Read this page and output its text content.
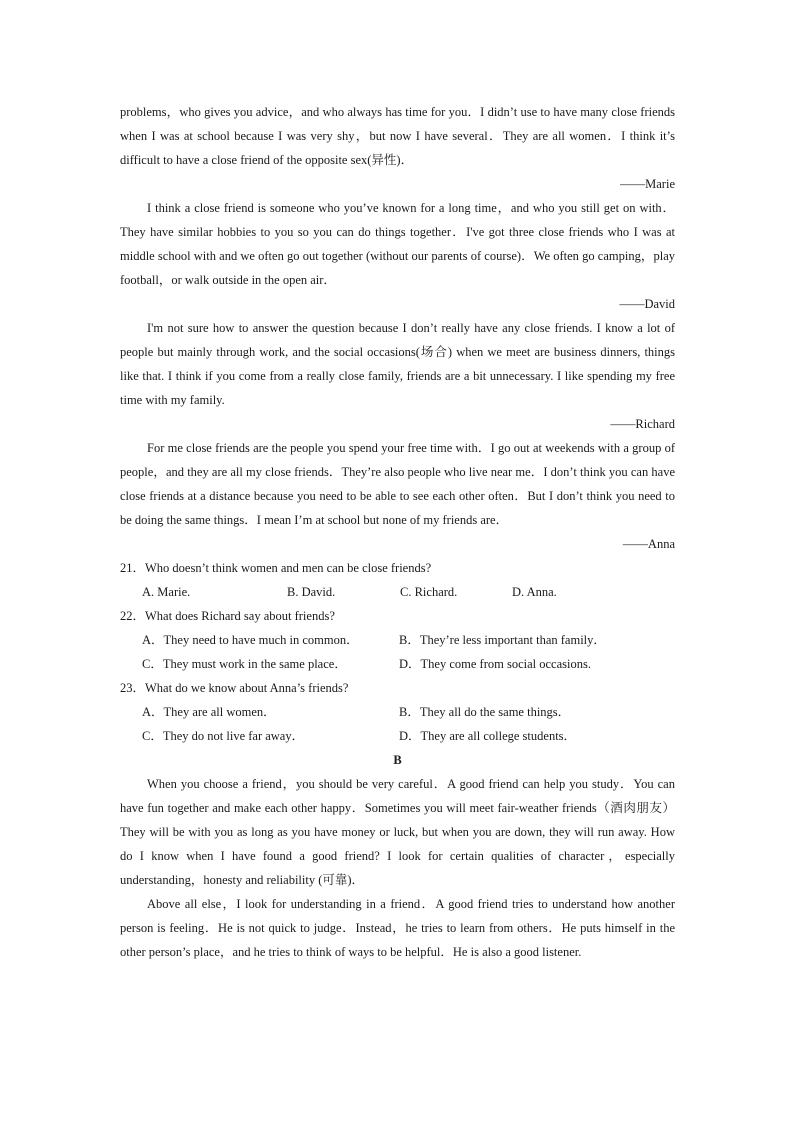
problems，who gives you advice，and who always has time for you．I didn’t use to have many close friends when I was at school because I was very shy，but now I have several．They are all women．I think it’s difficult to have a close friend of the opposite sex(异性)．

——Marie

I think a close friend is someone who you’ve known for a long time，and who you still get on with．They have similar hobbies to you so you can do things together．I've got three close friends who I was at middle school with and we often go out together (without our parents of course)．We often go camping，play football，or walk outside in the open air．

——David

I'm not sure how to answer the question because I don’t really have any close friends. I know a lot of people but mainly through work, and the social occasions(场合) when we meet are business dinners, things like that. I think if you come from a really close family, friends are a bit unnecessary. I like spending my free time with my family.

——Richard

For me close friends are the people you spend your free time with．I go out at weekends with a group of people，and they are all my close friends．They’re also people who live near me．I don’t think you can have close friends at a distance because you need to be able to see each other often．But I don’t think you need to be doing the same things．I mean I’m at school but none of my friends are．

——Anna

21．Who doesn’t think women and men can be close friends?

A. Marie.	B. David.	C. Richard.	D. Anna.

22．What does Richard say about friends?

A．They need to have much in common．	B．They’re less important than family．
C．They must work in the same place．	D．They come from social occasions.

23．What do we know about Anna’s friends?

A．They are all women．	B．They all do the same things．
C．They do not live far away．	D．They are all college students．

B

When you choose a friend，you should be very careful．A good friend can help you study．You can have fun together and make each other happy．Sometimes you will meet fair-weather friends（酒肉朋友）They will be with you as long as you have money or luck, but when you are down, they will run away. How do I know when I have found a good friend? I look for certain qualities of character，especially understanding，honesty and reliability (可靠)．

Above all else，I look for understanding in a friend．A good friend tries to understand how another person is feeling．He is not quick to judge．Instead，he tries to learn from others．He puts himself in the other person’s place，and he tries to think of ways to be helpful．He is also a good listener.
